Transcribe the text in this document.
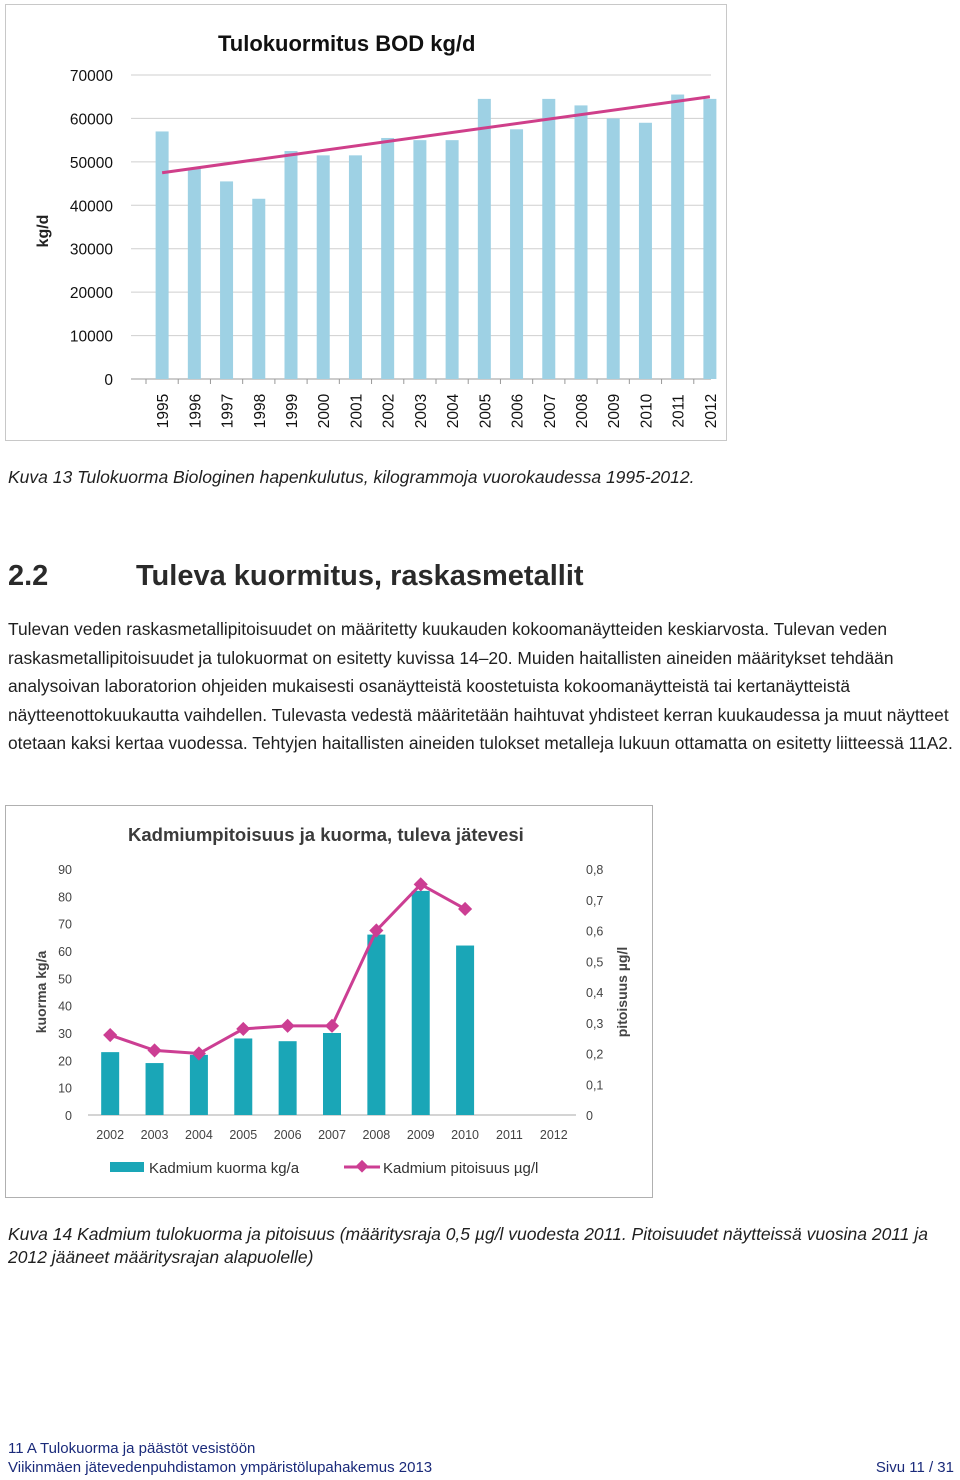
Tulokuormitus BOD kg/d
kg/d
0
10000
20000
30000
40000
50000
60000
70000
1995 1996 1997 1998 1999 2000 2001 2002 2003 2004 2005 2006 2007 2008 2009 2010 2011 2012
Kuva 13 Tulokuorma Biologinen hapenkulutus, kilogrammoja vuorokaudessa 1995-2012.
2.2	Tuleva kuormitus, raskasmetallit

Tulevan veden raskasmetallipitoisuudet on määritetty kuukauden kokoomanäytteiden keskiarvosta. Tulevan veden raskasmetallipitoisuudet ja tulokuormat on esitetty kuvissa 14–20. Muiden haitallisten aineiden määritykset tehdään analysoivan laboratorion ohjeiden mukaisesti osanäytteistä koostetuista kokoomanäytteistä tai kertanäytteistä näytteenottokuukautta vaihdellen. Tulevasta vedestä määritetään haihtuvat yhdisteet kerran kuukaudessa ja muut näytteet otetaan kaksi kertaa vuodessa. Tehtyjen haitallisten aineiden tulokset metalleja lukuun ottamatta on esitetty liitteessä 11A2.

Kadmiumpitoisuus ja kuorma, tuleva jätevesi
kuorma kg/a	pitoisuus µg/l
0
10
20
30
40
50
60
70
80
90
0
0,1
0,2
0,3
0,4
0,5
0,6
0,7
0,8
2002 2003 2004 2005 2006 2007 2008 2009 2010 2011 2012
Kadmium kuorma kg/a	Kadmium pitoisuus µg/l
Kuva 14 Kadmium tulokuorma ja pitoisuus (määritysraja 0,5 µg/l vuodesta 2011. Pitoisuudet näytteissä vuosina 2011 ja 2012 jääneet määritysrajan alapuolelle)
11 A Tulokuorma ja päästöt vesistöön
Viikinmäen jätevedenpuhdistamon ympäristölupahakemus 2013	Sivu 11 / 31
